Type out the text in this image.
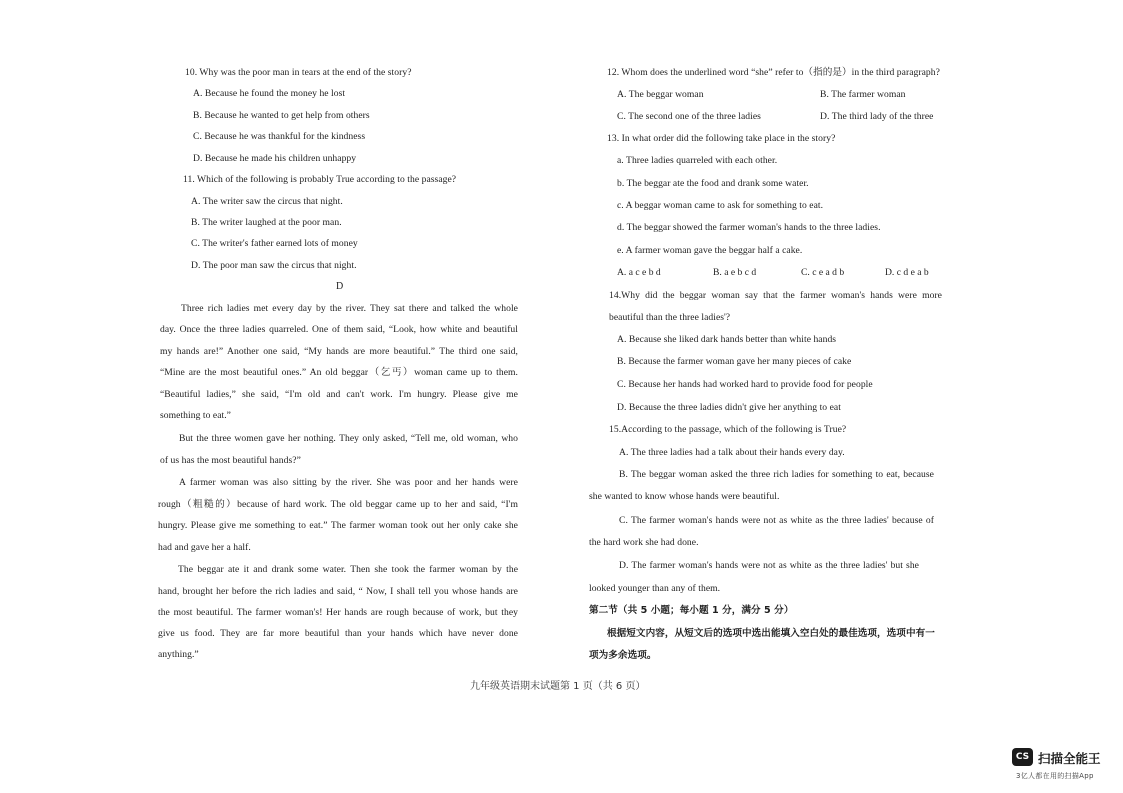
10. Why was the poor man in tears at the end of the story?
A. Because he found the money he lost
B. Because he wanted to get help from others
C. Because he was thankful for the kindness
D. Because he made his children unhappy
11. Which of the following is probably True according to the passage?
A. The writer saw the circus that night.
B. The writer laughed at the poor man.
C. The writer's father earned lots of money
D. The poor man saw the circus that night.
D
Three rich ladies met every day by the river. They sat there and talked the whole
day. Once the three ladies quarreled. One of them said, “Look, how white and beautiful
my hands are!” Another one said, “My hands are more beautiful.” The third one said,
“Mine are the most beautiful ones.” An old beggar（乞丐）woman came up to them.
“Beautiful ladies,” she said, “I'm old and can't work. I'm hungry. Please give me
something to eat.”
But the three women gave her nothing. They only asked, “Tell me, old woman, who
of us has the most beautiful hands?”
A farmer woman was also sitting by the river. She was poor and her hands were
rough（粗糙的）because of hard work. The old beggar came up to her and said, “I'm
hungry. Please give me something to eat.” The farmer woman took out her only cake she
had and gave her a half.
The beggar ate it and drank some water. Then she took the farmer woman by the
hand, brought her before the rich ladies and said, “ Now, I shall tell you whose hands are
the most beautiful. The farmer woman's! Her hands are rough because of work, but they
give us food. They are far more beautiful than your hands which have never done
anything.”
12. Whom does the underlined word “she” refer to（指的是）in the third paragraph?
A. The beggar woman	B. The farmer woman
C. The second one of the three ladies	D. The third lady of the three
13. In what order did the following take place in the story?
a. Three ladies quarreled with each other.
b. The beggar ate the food and drank some water.
c. A beggar woman came to ask for something to eat.
d. The beggar showed the farmer woman's hands to the three ladies.
e. A farmer woman gave the beggar half a cake.
A. a c e b d	B. a e b c d	C. c e a d b	D. c d e a b
14.Why did the beggar woman say that the farmer woman's hands were more
beautiful than the three ladies'?
A. Because she liked dark hands better than white hands
B. Because the farmer woman gave her many pieces of cake
C. Because her hands had worked hard to provide food for people
D. Because the three ladies didn't give her anything to eat
15.According to the passage, which of the following is True?
A. The three ladies had a talk about their hands every day.
B. The beggar woman asked the three rich ladies for something to eat, because
she wanted to know whose hands were beautiful.
C. The farmer woman's hands were not as white as the three ladies' because of
the hard work she had done.
D. The farmer woman's hands were not as white as the three ladies' but she
looked younger than any of them.
第二节（共 5 小题；每小题 1 分，满分 5 分）
根据短文内容，从短文后的选项中选出能填入空白处的最佳选项，选项中有一
项为多余选项。
九年级英语期末试题第 1 页（共 6 页）
CS 扫描全能王
3亿人都在用的扫描App
